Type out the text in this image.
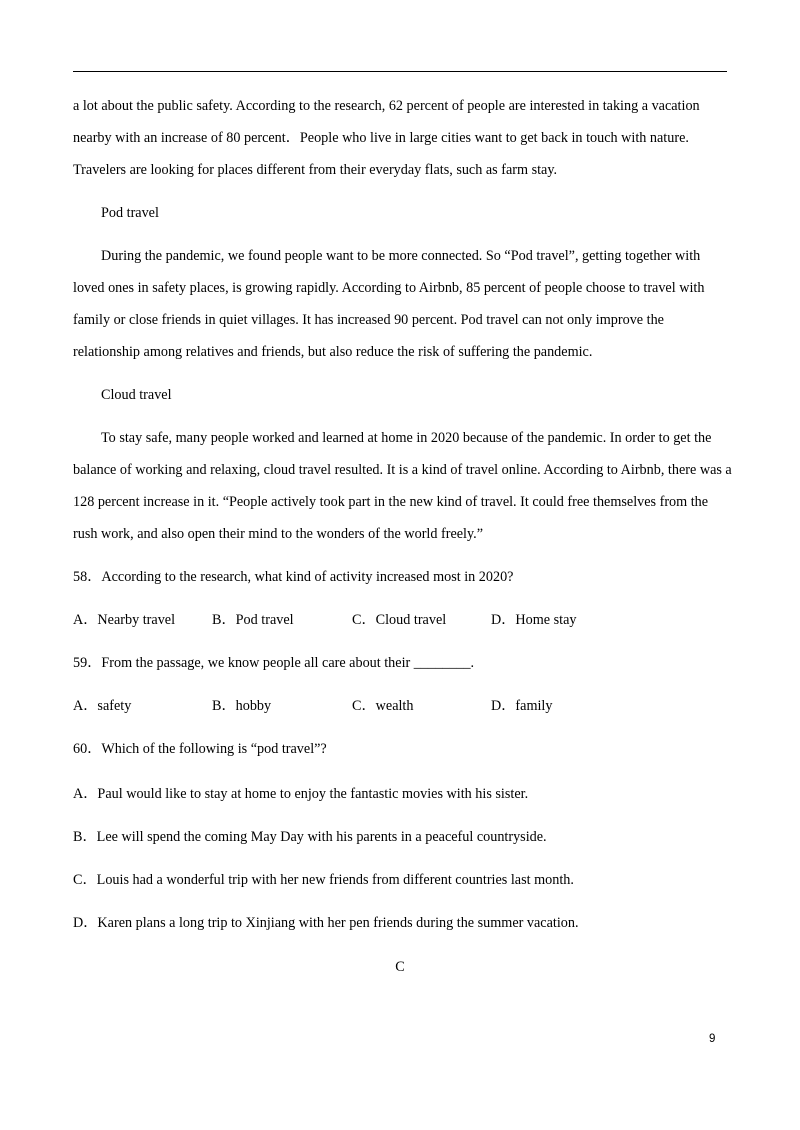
a lot about the public safety. According to the research, 62 percent of people are interested in taking a vacation
nearby with an increase of 80 percent．People who live in large cities want to get back in touch with nature.
Travelers are looking for places different from their everyday flats, such as farm stay.
Pod travel
During the pandemic, we found people want to be more connected. So “Pod travel”, getting together with
loved ones in safety places, is growing rapidly. According to Airbnb, 85 percent of people choose to travel with
family or close friends in quiet villages. It has increased 90 percent. Pod travel can not only improve the
relationship among relatives and friends, but also reduce the risk of suffering the pandemic.
Cloud travel
To stay safe, many people worked and learned at home in 2020 because of the pandemic. In order to get the
balance of working and relaxing, cloud travel resulted. It is a kind of travel online. According to Airbnb, there was a
128 percent increase in it. “People actively took part in the new kind of travel. It could free themselves from the
rush work, and also open their mind to the wonders of the world freely.”
58．According to the research, what kind of activity increased most in 2020?
A．Nearby travel	B．Pod travel	C．Cloud travel	D．Home stay
59．From the passage, we know people all care about their ________.
A．safety	B．hobby	C．wealth	D．family
60．Which of the following is “pod travel”?
A．Paul would like to stay at home to enjoy the fantastic movies with his sister.
B．Lee will spend the coming May Day with his parents in a peaceful countryside.
C．Louis had a wonderful trip with her new friends from different countries last month.
D．Karen plans a long trip to Xinjiang with her pen friends during the summer vacation.
C
9
